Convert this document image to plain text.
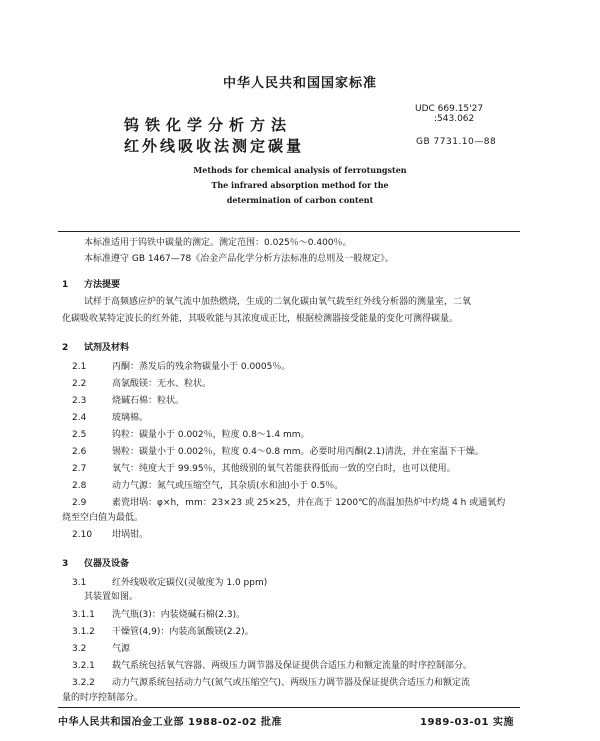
中华人民共和国国家标准
钨铁化学分析方法
红外线吸收法测定碳量
UDC 669.15'27
:543.062
GB 7731.10—88
Methods for chemical analysis of ferrotungsten
The infrared absorption method for the
determination of carbon content
本标准适用于钨铁中碳量的测定。测定范围：0.025％～0.400％。
本标准遵守 GB 1467—78《冶金产品化学分析方法标准的总则及一般规定》。
1 方法提要
试样于高频感应炉的氧气流中加热燃烧，生成的二氧化碳由氧气载至红外线分析器的测量室，二氧
化碳吸收某特定波长的红外能，其吸收能与其浓度成正比，根据检测器接受能量的变化可测得碳量。
2 试剂及材料
2.1	丙酮：蒸发后的残余物碳量小于 0.0005％。
2.2	高氯酸镁：无水、粒状。
2.3	烧碱石棉：粒状。
2.4	玻璃棉。
2.5	钨粒：碳量小于 0.002％，粒度 0.8～1.4 mm。
2.6	锡粒：碳量小于 0.002％，粒度 0.4～0.8 mm。必要时用丙酮(2.1)清洗，并在室温下干燥。
2.7	氧气：纯度大于 99.95％，其他级别的氧气若能获得低而一致的空白时，也可以使用。
2.8	动力气源：氮气或压缩空气，其杂质(水和油)小于 0.5％。
2.9	素瓷坩埚：φ×h，mm：23×23 或 25×25，并在高于 1200℃的高温加热炉中灼烧 4 h 或通氧灼
烧至空白值为最低。
2.10 坩埚钳。
3 仪器及设备
3.1	红外线吸收定碳仪(灵敏度为 1.0 ppm)
其装置如图。
3.1.1 洗气瓶(3)：内装烧碱石棉(2.3)。
3.1.2 干燥管(4,9)：内装高氯酸镁(2.2)。
3.2	气源
3.2.1 载气系统包括氧气容器、两级压力调节器及保证提供合适压力和额定流量的时序控制部分。
3.2.2 动力气源系统包括动力气(氮气或压缩空气)、两级压力调节器及保证提供合适压力和额定流
量的时序控制部分。
中华人民共和国冶金工业部 1988-02-02 批准	1989-03-01 实施
